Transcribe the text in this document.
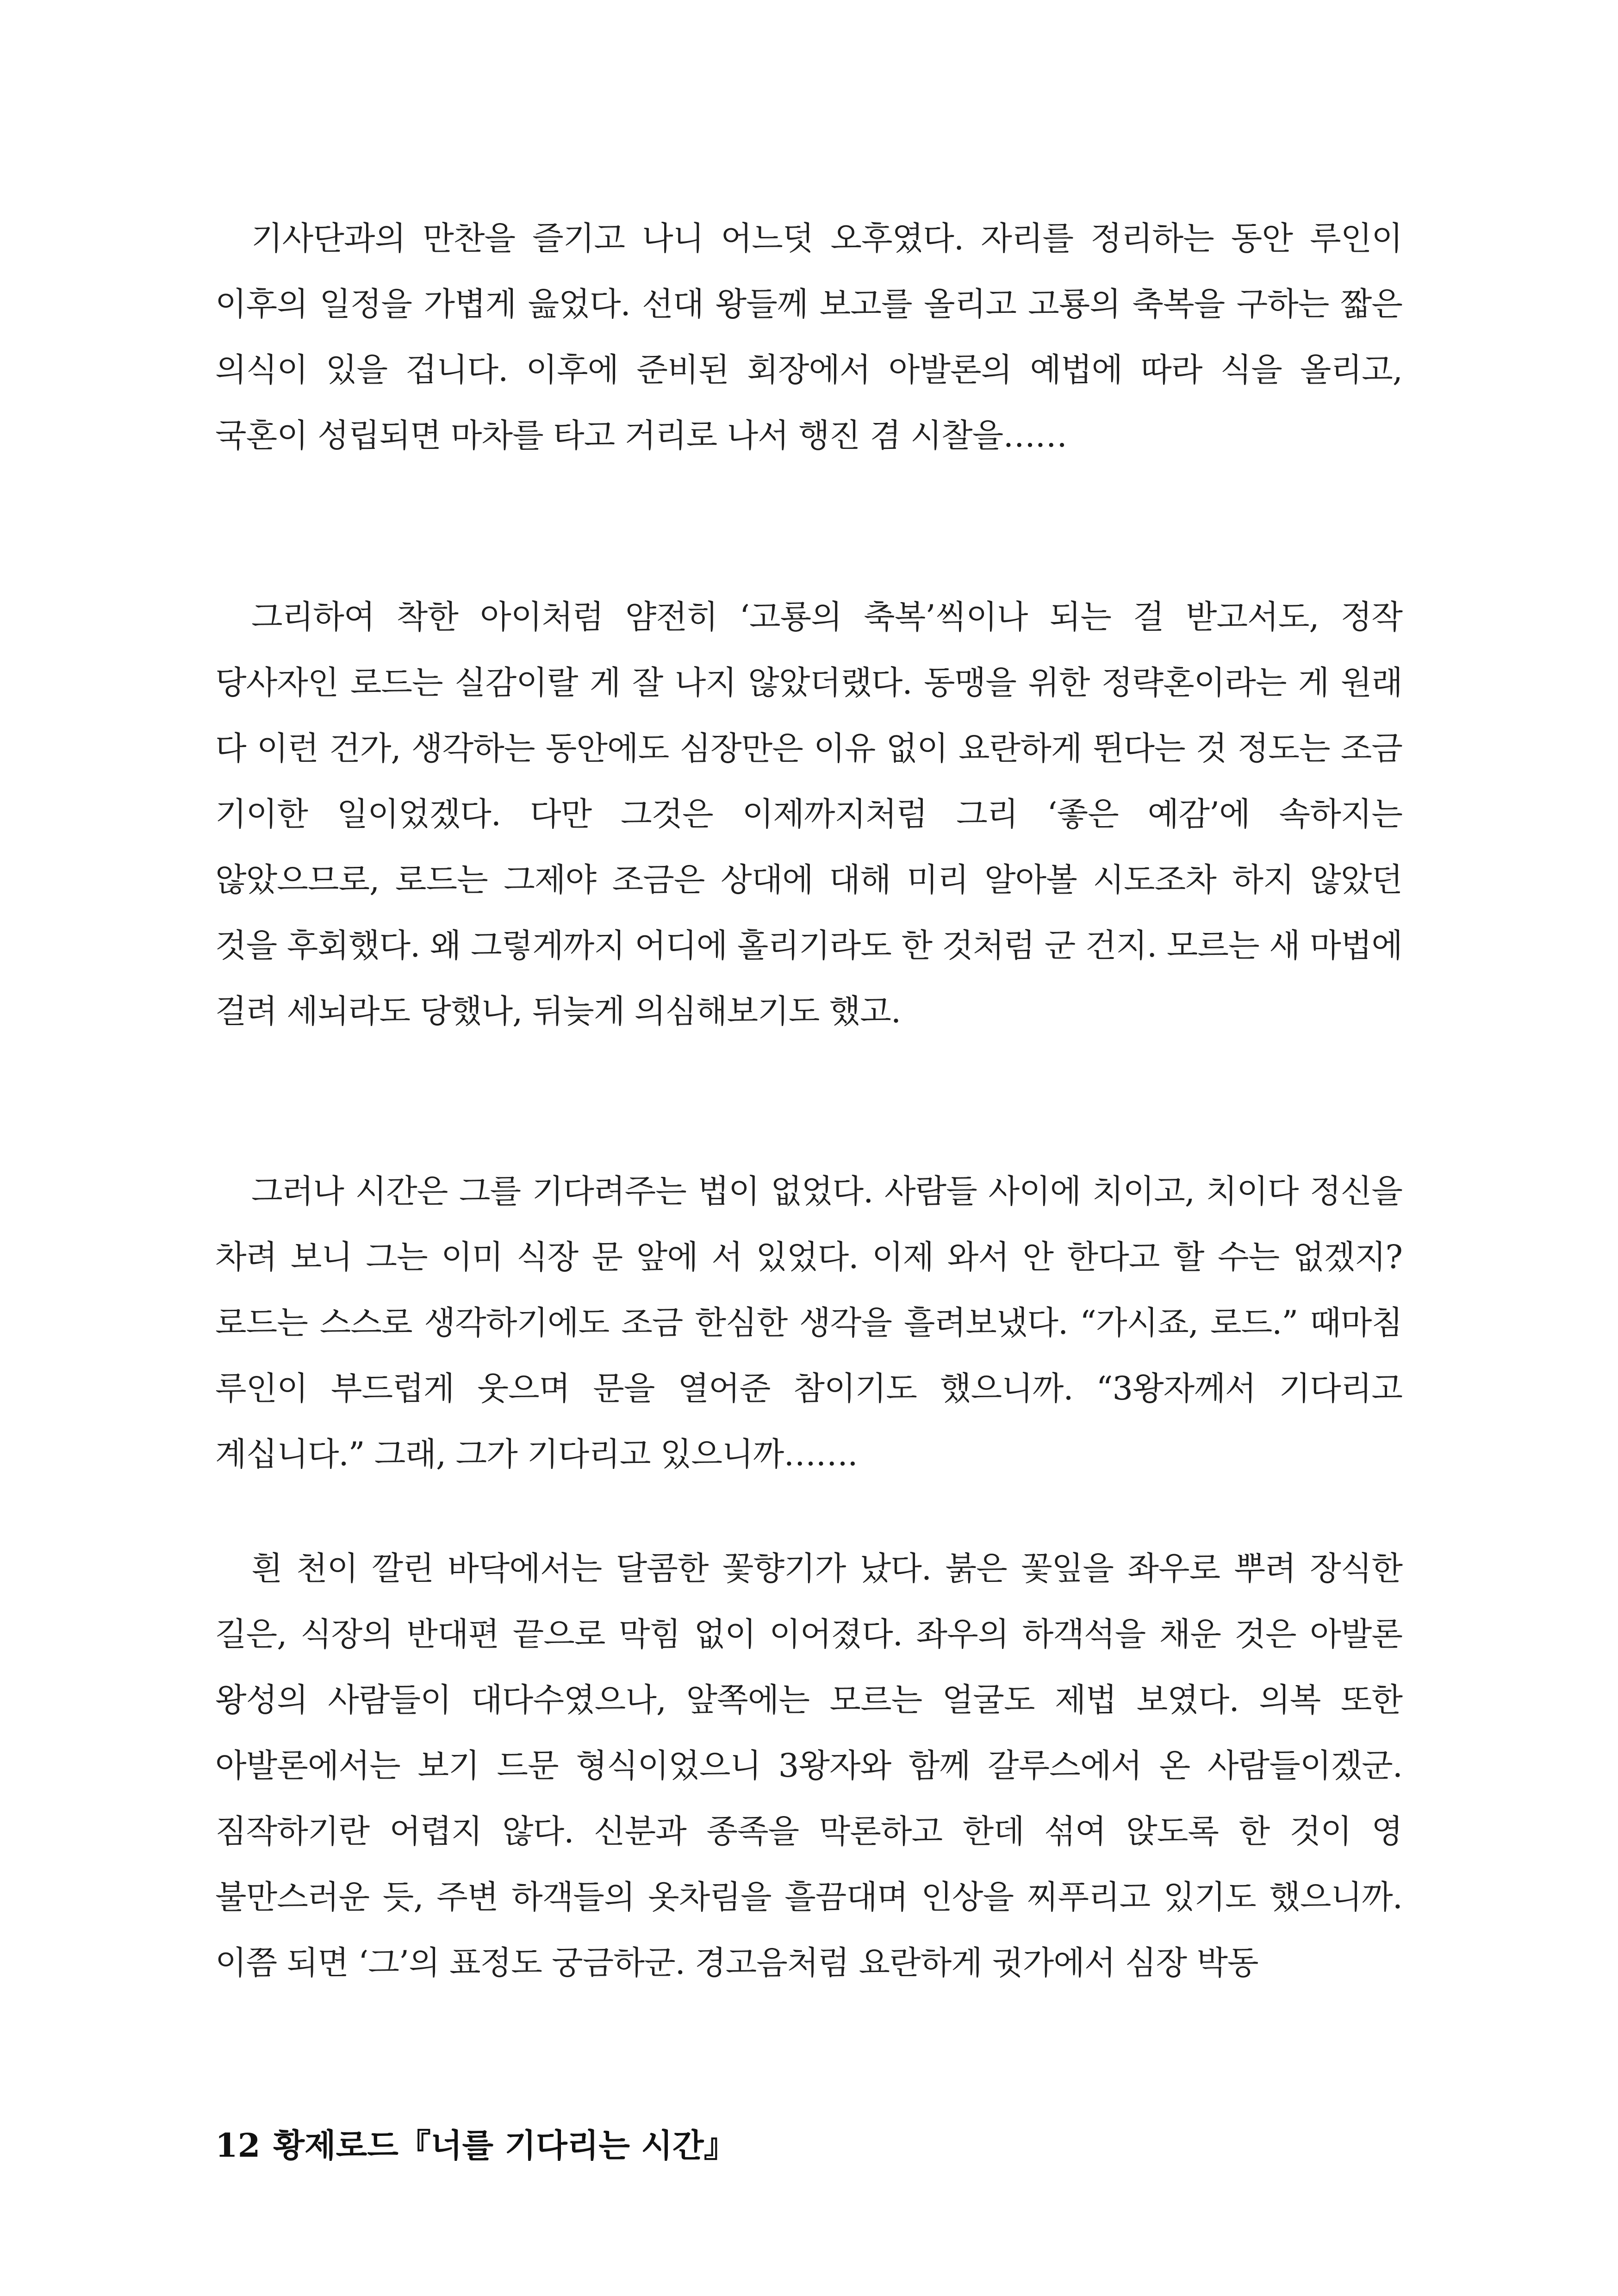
기사단과의 만찬을 즐기고 나니 어느덧 오후였다. 자리를 정리하는 동안 루인이 이후의 일정을 가볍게 읊었다. 선대 왕들께 보고를 올리고 고룡의 축복을 구하는 짧은 의식이 있을 겁니다. 이후에 준비된 회장에서 아발론의 예법에 따라 식을 올리고, 국혼이 성립되면 마차를 타고 거리로 나서 행진 겸 시찰을……

그리하여 착한 아이처럼 얌전히 ‘고룡의 축복’씩이나 되는 걸 받고서도, 정작 당사자인 로드는 실감이랄 게 잘 나지 않았더랬다. 동맹을 위한 정략혼이라는 게 원래 다 이런 건가, 생각하는 동안에도 심장만은 이유 없이 요란하게 뛴다는 것 정도는 조금 기이한 일이었겠다. 다만 그것은 이제까지처럼 그리 ‘좋은 예감’에 속하지는 않았으므로, 로드는 그제야 조금은 상대에 대해 미리 알아볼 시도조차 하지 않았던 것을 후회했다. 왜 그렇게까지 어디에 홀리기라도 한 것처럼 군 건지. 모르는 새 마법에 걸려 세뇌라도 당했나, 뒤늦게 의심해보기도 했고.

그러나 시간은 그를 기다려주는 법이 없었다. 사람들 사이에 치이고, 치이다 정신을 차려 보니 그는 이미 식장 문 앞에 서 있었다. 이제 와서 안 한다고 할 수는 없겠지? 로드는 스스로 생각하기에도 조금 한심한 생각을 흘려보냈다. “가시죠, 로드.” 때마침 루인이 부드럽게 웃으며 문을 열어준 참이기도 했으니까. “3왕자께서 기다리고 계십니다.” 그래, 그가 기다리고 있으니까…….

흰 천이 깔린 바닥에서는 달콤한 꽃향기가 났다. 붉은 꽃잎을 좌우로 뿌려 장식한 길은, 식장의 반대편 끝으로 막힘 없이 이어졌다. 좌우의 하객석을 채운 것은 아발론 왕성의 사람들이 대다수였으나, 앞쪽에는 모르는 얼굴도 제법 보였다. 의복 또한 아발론에서는 보기 드문 형식이었으니 3왕자와 함께 갈루스에서 온 사람들이겠군. 짐작하기란 어렵지 않다. 신분과 종족을 막론하고 한데 섞여 앉도록 한 것이 영 불만스러운 듯, 주변 하객들의 옷차림을 흘끔대며 인상을 찌푸리고 있기도 했으니까. 이쯤 되면 ‘그’의 표정도 궁금하군. 경고음처럼 요란하게 귓가에서 심장 박동

12 황제로드『너를 기다리는 시간』
